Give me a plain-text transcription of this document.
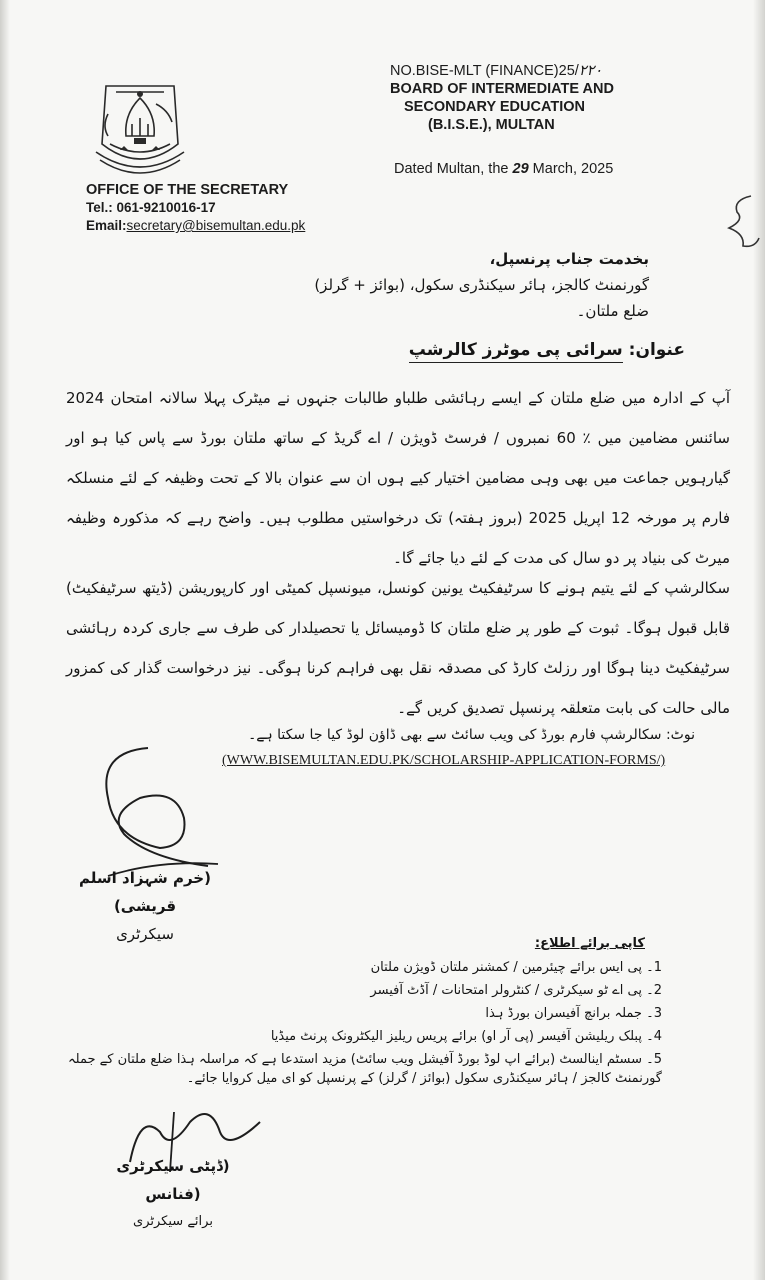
NO.BISE-MLT (FINANCE)25/۲۲۰
BOARD OF INTERMEDIATE AND
SECONDARY EDUCATION
(B.I.S.E.), MULTAN
Dated Multan, the 29 March, 2025
OFFICE OF THE SECRETARY
Tel.: 061-9210016-17
Email:secretary@bisemultan.edu.pk
بخدمت جناب پرنسپل،
گورنمنٹ کالجز، ہائر سیکنڈری سکول، (بوائز + گرلز)
ضلع ملتان۔
عنوان: سرائی پی موٹرز کالرشپ
آپ کے ادارہ میں ضلع ملتان کے ایسے رہائشی طلباو طالبات جنہوں نے میٹرک پہلا سالانہ امتحان 2024 سائنس مضامین میں ٪ 60 نمبروں / فرسٹ ڈویژن / اے گریڈ کے ساتھ ملتان بورڈ سے پاس کیا ہو اور گیارہویں جماعت میں بھی وہی مضامین اختیار کیے ہوں ان سے عنوان بالا کے تحت وظیفہ کے لئے منسلکہ فارم پر مورخہ 12 اپریل 2025 (بروز ہفتہ) تک درخواستیں مطلوب ہیں۔ واضح رہے کہ مذکورہ وظیفہ میرٹ کی بنیاد پر دو سال کی مدت کے لئے دیا جائے گا۔
سکالرشپ کے لئے یتیم ہونے کا سرٹیفکیٹ یونین کونسل، میونسپل کمیٹی اور کارپوریشن (ڈیتھ سرٹیفکیٹ) قابل قبول ہوگا۔ ثبوت کے طور پر ضلع ملتان کا ڈومیسائل یا تحصیلدار کی طرف سے جاری کردہ رہائشی سرٹیفکیٹ دینا ہوگا اور رزلٹ کارڈ کی مصدقہ نقل بھی فراہم کرنا ہوگی۔ نیز درخواست گذار کی کمزور مالی حالت کی بابت متعلقہ پرنسپل تصدیق کریں گے۔
نوٹ: سکالرشپ فارم بورڈ کی ویب سائٹ سے بھی ڈاؤن لوڈ کیا جا سکتا ہے۔
(WWW.BISEMULTAN.EDU.PK/SCHOLARSHIP-APPLICATION-FORMS/)
(خرم شہزاد اسلم قریشی)
سیکرٹری
کاپی برائے اطلاع:
1۔ پی ایس برائے چیئرمین / کمشنر ملتان ڈویژن ملتان
2۔ پی اے ٹو سیکرٹری / کنٹرولر امتحانات / آڈٹ آفیسر
3۔ جملہ برانچ آفیسران بورڈ ہذا
4۔ پبلک ریلیشن آفیسر (پی آر او) برائے پریس ریلیز الیکٹرونک پرنٹ میڈیا
5۔ سسٹم اینالسٹ (برائے اپ لوڈ بورڈ آفیشل ویب سائٹ) مزید استدعا ہے کہ مراسلہ ہذا ضلع ملتان کے جملہ گورنمنٹ کالجز / ہائر سیکنڈری سکول (بوائز / گرلز) کے پرنسپل کو ای میل کروایا جائے۔
(ڈپٹی سیکرٹری (فنانس
برائے سیکرٹری
